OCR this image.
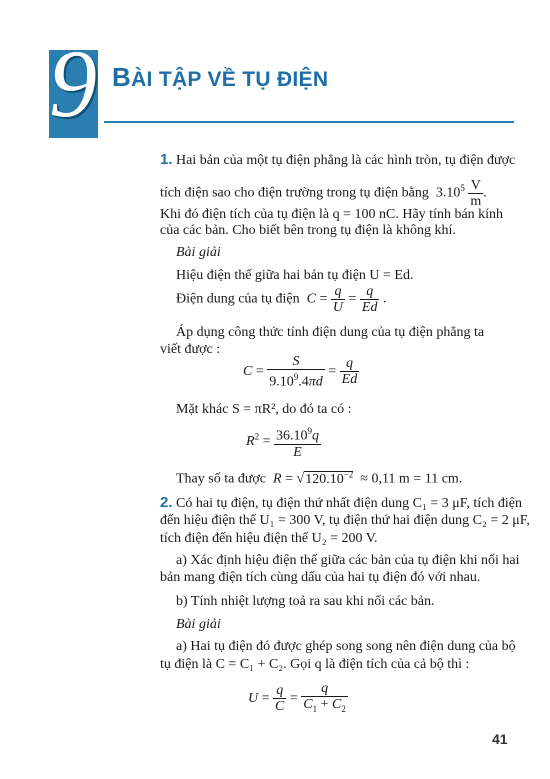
9 BÀI TẬP VỀ TỤ ĐIỆN
1. Hai bản của một tụ điện phẳng là các hình tròn, tụ điện được
tích điện sao cho điện trường trong tụ điện bằng $3.10^5 \frac{V}{m}$ .
Khi đó điện tích của tụ điện là q = 100 nC. Hãy tính bán kính
của các bản. Cho biết bên trong tụ điện là không khí.
Bài giải
Hiệu điện thế giữa hai bản tụ điện U = Ed.
Điện dung của tụ điện $C = \frac{q}{U} = \frac{q}{Ed}$ .
Áp dụng công thức tính điện dung của tụ điện phẳng ta
viết được :
$C = \frac{S}{9.10^9.4\pi d} = \frac{q}{Ed}$
Mặt khác S = πR², do đó ta có :
$R^2 = \frac{36.10^9q}{E}$
Thay số ta được $R = √120.10^{-2} \approx 0,11$ m = 11 cm.
2. Có hai tụ điện, tụ điện thứ nhất điện dung C₁ = 3 μF, tích điện
đến hiệu điện thế U₁ = 300 V, tụ điện thứ hai điện dung C₂ = 2 μF,
tích điện đến hiệu điện thế U₂ = 200 V.
a) Xác định hiệu điện thế giữa các bản của tụ điện khi nối hai
bản mang điện tích cùng dấu của hai tụ điện đó với nhau.
b) Tính nhiệt lượng toả ra sau khi nối các bản.
Bài giải
a) Hai tụ điện đó được ghép song song nên điện dung của bộ
tụ điện là C = C₁ + C₂. Gọi q là điện tích của cả bộ thì :
$U = \frac{q}{C} = \frac{q}{C_1 + C_2}$
41
